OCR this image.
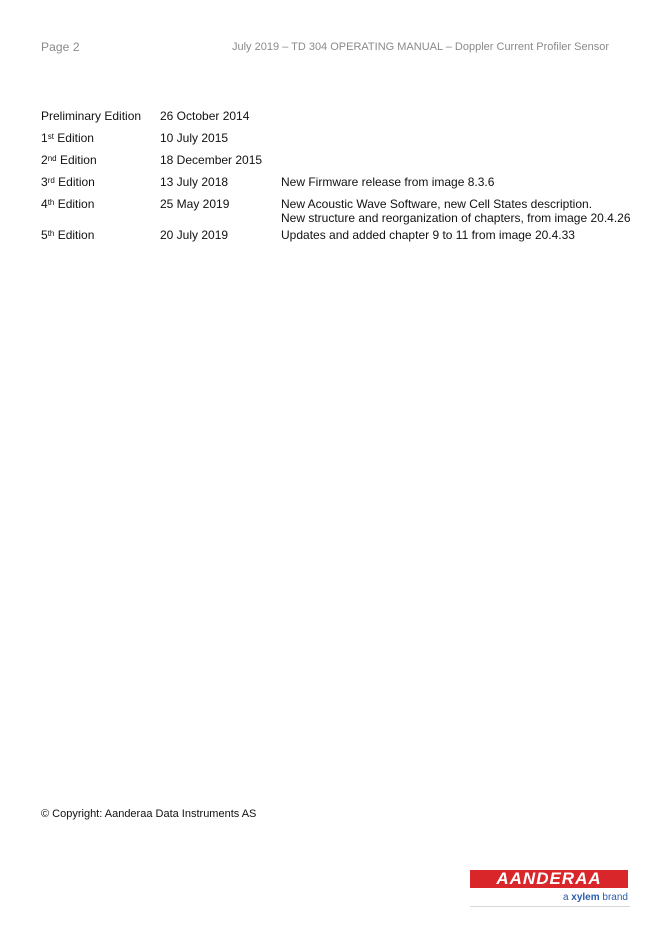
Page 2	July 2019 – TD 304 OPERATING MANUAL – Doppler Current Profiler Sensor
Preliminary Edition 26 October 2014
1st Edition	10 July 2015
2nd Edition	18 December 2015
3rd Edition	13 July 2018	New Firmware release from image 8.3.6
4th Edition	25 May 2019	New Acoustic Wave Software, new Cell States description.
New structure and reorganization of chapters, from image 20.4.26
5th Edition	20 July 2019	Updates and added chapter 9 to 11 from image 20.4.33
© Copyright: Aanderaa Data Instruments AS
AANDERAA
a xylem brand
